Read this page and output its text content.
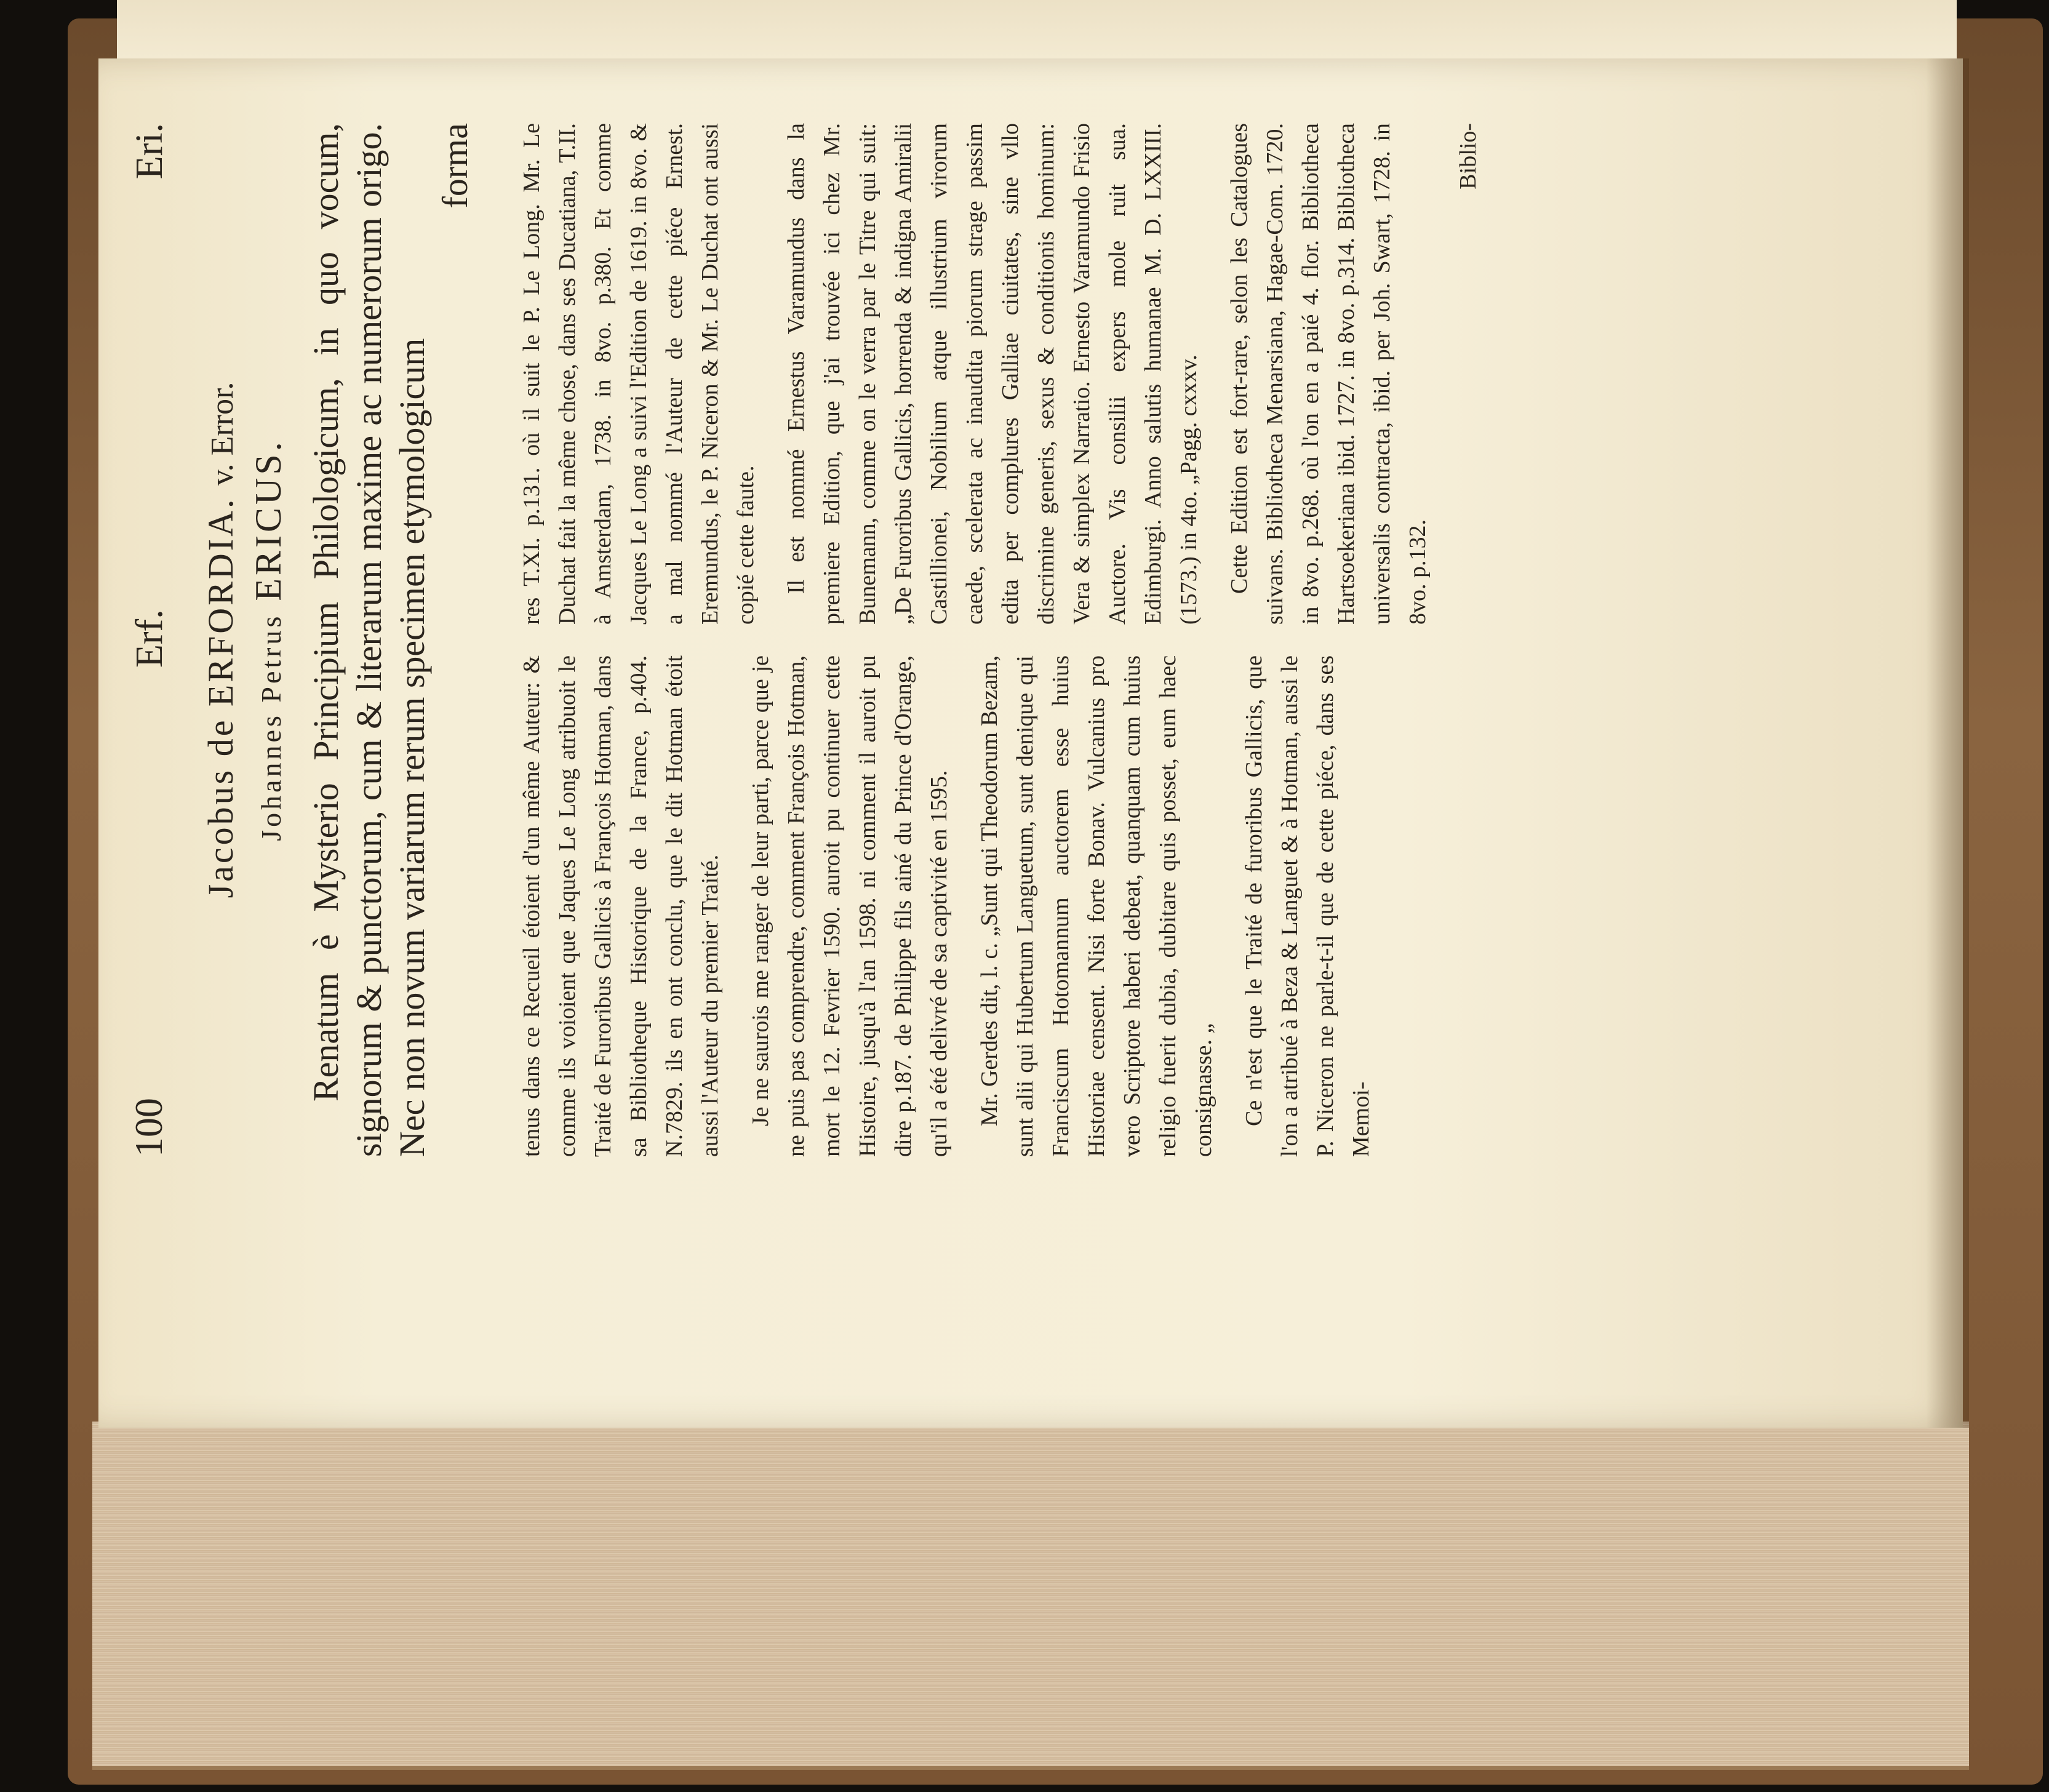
100
Erf.
Eri.
Jacobus de ERFORDIA. v. Error.
Johannes Petrus ERICUS. Renatum è Mysterio Principium Philologicum, in quo vocum, signorum & punctorum, cum & literarum maxime ac numerorum origo. Nec non novum variarum rerum specimen etymologicum
forma

tenus dans ce Recueil étoient d'un même Auteur: & comme ils voioient que Jaques Le Long atribuoit le Traité de Furoribus Gallicis à François Hotman, dans sa Bibliotheque Historique de la France, p.404. N.7829. ils en ont conclu, que le dit Hotman étoit aussi l'Auteur du premier Traité. Je ne saurois me ranger de leur parti, parce que je ne puis pas comprendre, comment François Hotman, mort le 12. Fevrier 1590. auroit pu continuer cette Histoire, jusqu'à l'an 1598. ni comment il auroit pu dire p.187. de Philippe fils ainé du Prince d'Orange, qu'il a été delivré de sa captivité en 1595. Mr. Gerdes dit, l. c. „Sunt qui Theodorum Bezam, sunt alii qui Hubertum Languetum, sunt denique qui Franciscum Hotomannum auctorem esse huius Historiae censent. Nisi forte Bonav. Vulcanius pro vero Scriptore haberi debeat, quanquam cum huius religio fuerit dubia, dubitare quis posset, eum haec consignasse. „ Ce n'est que le Traité de furoribus Gallicis, que l'on a atribué à Beza & Languet & à Hotman, aussi le P. Niceron ne parle-t-il que de cette piéce, dans ses Memoi-

res T.XI. p.131. où il suit le P. Le Long. Mr. Le Duchat fait la même chose, dans ses Ducatiana, T.II. à Amsterdam, 1738. in 8vo. p.380. Et comme Jacques Le Long a suivi l'Edition de 1619. in 8vo. & a mal nommé l'Auteur de cette piéce Ernest. Eremundus, le P. Niceron & Mr. Le Duchat ont aussi copié cette faute. Il est nommé Ernestus Varamundus dans la premiere Edition, que j'ai trouvée ici chez Mr. Bunemann, comme on le verra par le Titre qui suit: „De Furoribus Gallicis, horrenda & indigna Amiralii Castillionei, Nobilium atque illustrium virorum caede, scelerata ac inaudita piorum strage passim edita per complures Galliae ciuitates, sine vllo discrimine generis, sexus & conditionis hominum: Vera & simplex Narratio. Ernesto Varamundo Frisio Auctore. Vis consilii expers mole ruit sua. Edimburgi. Anno salutis humanae M. D. LXXIII. (1573.) in 4to. „Pagg. cxxxv. Cette Edition est fort-rare, selon les Catalogues suivans. Bibliotheca Menarsiana, Hagae-Com. 1720. in 8vo. p.268. où l'on en a paié 4. flor. Bibliotheca Hartsoekeriana ibid. 1727. in 8vo. p.314. Bibliotheca universalis contracta, ibid. per Joh. Swart, 1728. in 8vo. p.132.

Biblio-
